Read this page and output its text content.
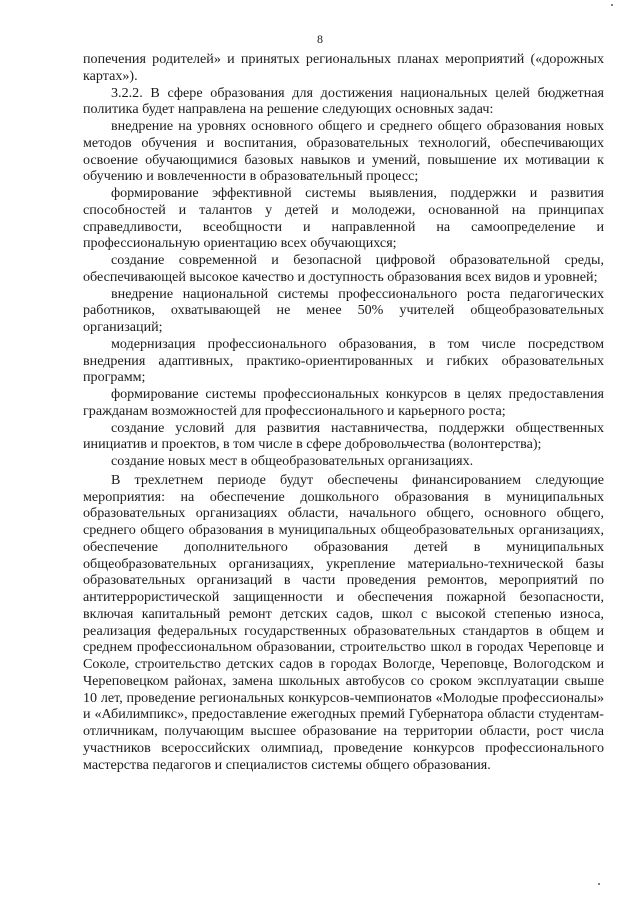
8

попечения родителей» и принятых региональных планах мероприятий («дорожных картах»).

3.2.2. В сфере образования для достижения национальных целей бюджетная политика будет направлена на решение следующих основных задач:

внедрение на уровнях основного общего и среднего общего образования новых методов обучения и воспитания, образовательных технологий, обеспечивающих освоение обучающимися базовых навыков и умений, повышение их мотивации к обучению и вовлеченности в образовательный процесс;

формирование эффективной системы выявления, поддержки и развития способностей и талантов у детей и молодежи, основанной на принципах справедливости, всеобщности и направленной на самоопределение и профессиональную ориентацию всех обучающихся;

создание современной и безопасной цифровой образовательной среды, обеспечивающей высокое качество и доступность образования всех видов и уровней;

внедрение национальной системы профессионального роста педагогических работников, охватывающей не менее 50% учителей общеобразовательных организаций;

модернизация профессионального образования, в том числе посредством внедрения адаптивных, практико-ориентированных и гибких образовательных программ;

формирование системы профессиональных конкурсов в целях предоставления гражданам возможностей для профессионального и карьерного роста;

создание условий для развития наставничества, поддержки общественных инициатив и проектов, в том числе в сфере добровольчества (волонтерства);

создание новых мест в общеобразовательных организациях.

В трехлетнем периоде будут обеспечены финансированием следующие мероприятия: на обеспечение дошкольного образования в муниципальных образовательных организациях области, начального общего, основного общего, среднего общего образования в муниципальных общеобразовательных организациях, обеспечение дополнительного образования детей в муниципальных общеобразовательных организациях, укрепление материально-технической базы образовательных организаций в части проведения ремонтов, мероприятий по антитеррористической защищенности и обеспечения пожарной безопасности, включая капитальный ремонт детских садов, школ с высокой степенью износа, реализация федеральных государственных образовательных стандартов в общем и среднем профессиональном образовании, строительство школ в городах Череповце и Соколе, строительство детских садов в городах Вологде, Череповце, Вологодском и Череповецком районах, замена школьных автобусов со сроком эксплуатации свыше 10 лет, проведение региональных конкурсов-чемпионатов «Молодые профессионалы» и «Абилимпикс», предоставление ежегодных премий Губернатора области студентам-отличникам, получающим высшее образование на территории области, рост числа участников всероссийских олимпиад, проведение конкурсов профессионального мастерства педагогов и специалистов системы общего образования.
